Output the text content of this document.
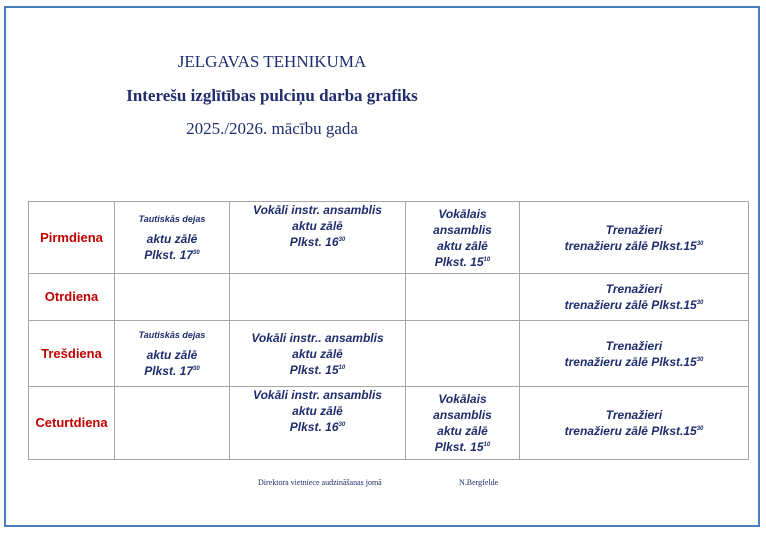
JELGAVAS TEHNIKUMA
Interešu izglītības pulciņu darba grafiks
2025./2026. mācību gada
Pirmdiena	Tautiskās dejas
aktu zālē
Plkst. $17^{30}$	Vokāli instr. ansamblis
aktu zālē
Plkst. $16^{30}$	Vokālais
ansamblis
aktu zālē
Plkst. $15^{10}$	Trenažieri
trenažieru zālē $Plkst.15^{30}$

Otrdiena				Trenažieri
trenažieru zālē $Plkst.15^{30}$

Trešdiena	Tautiskās dejas
aktu zālē
Plkst. $17^{30}$	Vokāli instr.. ansamblis
aktu zālē
Plkst. $15^{10}$		Trenažieri
trenažieru zālē $Plkst.15^{30}$

Ceturtdiena		Vokāli instr. ansamblis
aktu zālē
Plkst. $16^{30}$	Vokālais
ansamblis
aktu zālē
Plkst. $15^{10}$	Trenažieri
trenažieru zālē $Plkst.15^{30}$
Direktora vietniece audzināšanas jomā	N.Bergfelde
